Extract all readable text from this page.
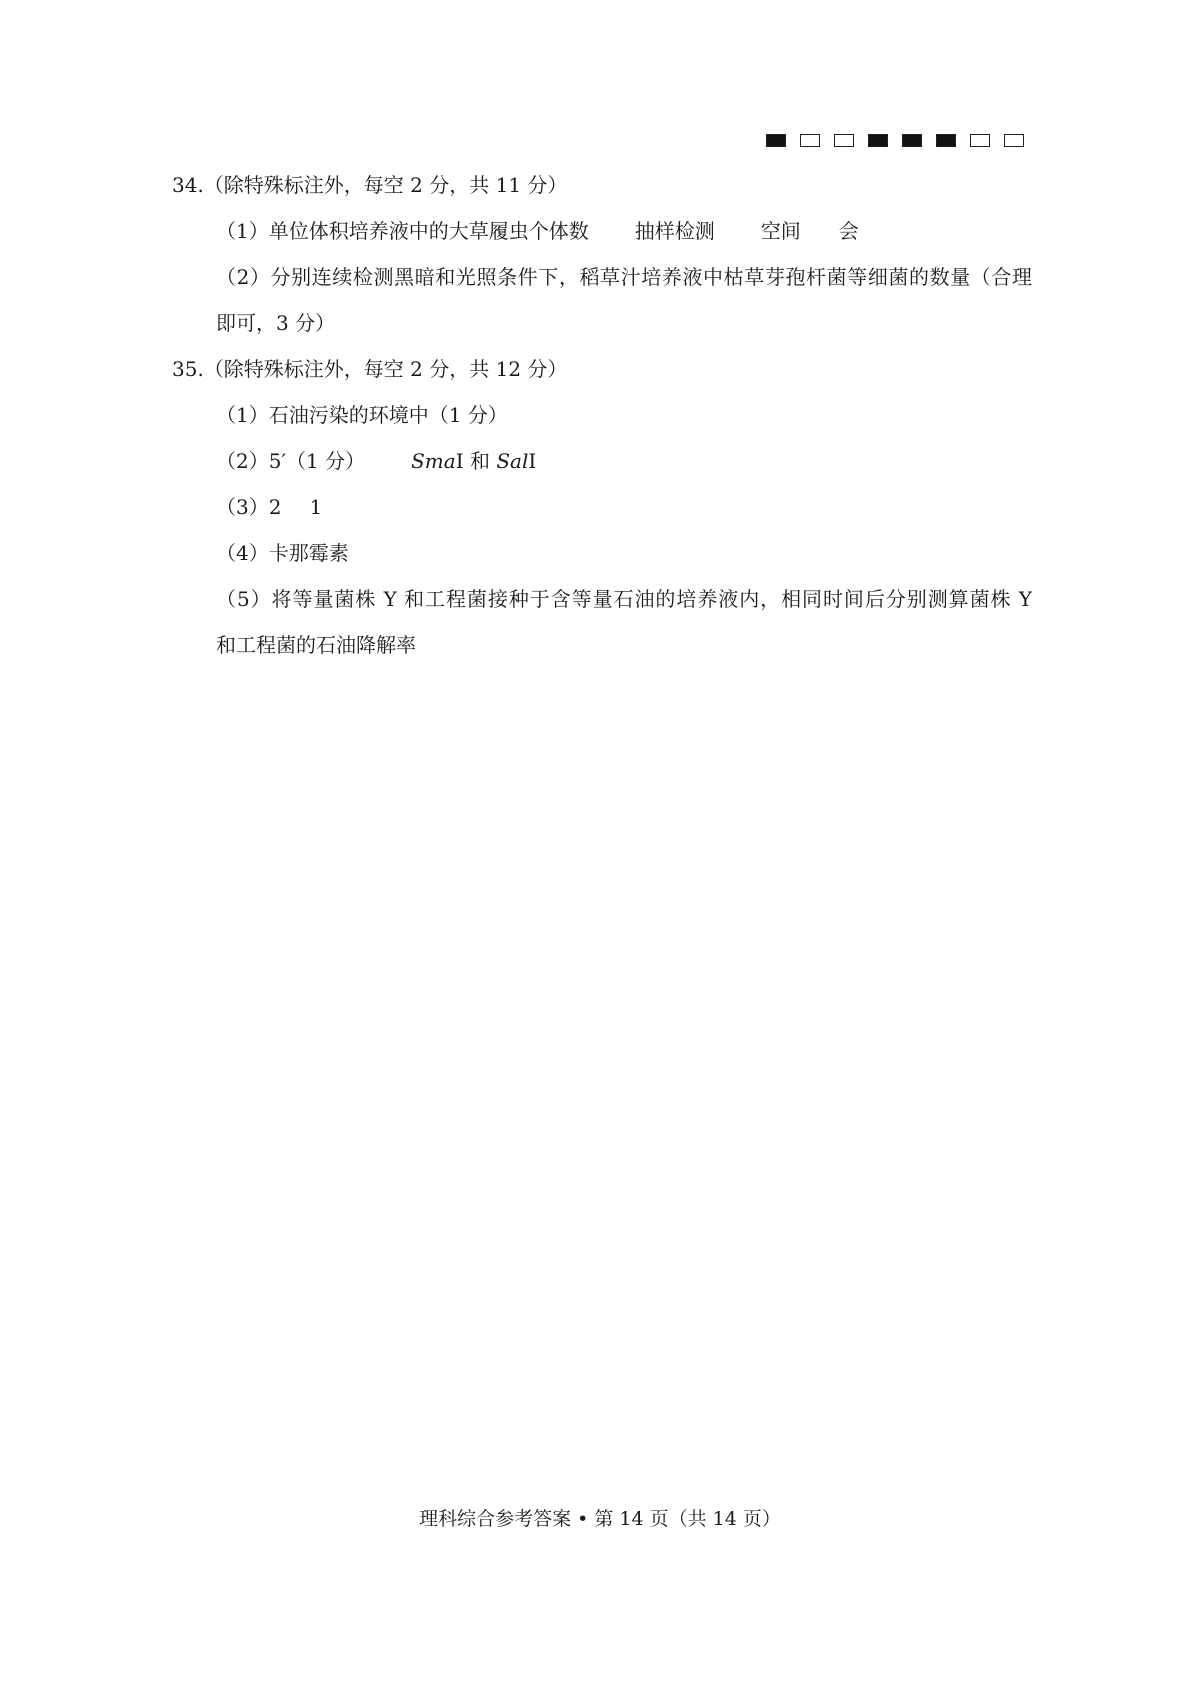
34.（除特殊标注外，每空 2 分，共 11 分）
（1）单位体积培养液中的大草履虫个体数 抽样检测 空间 会
（2）分别连续检测黑暗和光照条件下，稻草汁培养液中枯草芽孢杆菌等细菌的数量（合理
即可，3 分）
35.（除特殊标注外，每空 2 分，共 12 分）
（1）石油污染的环境中（1 分）
（2）5′（1 分） SmaⅠ 和 SalⅠ
（3）2 1
（4）卡那霉素
（5）将等量菌株 Y 和工程菌接种于含等量石油的培养液内，相同时间后分别测算菌株 Y
和工程菌的石油降解率
理科综合参考答案 • 第 14 页（共 14 页）
